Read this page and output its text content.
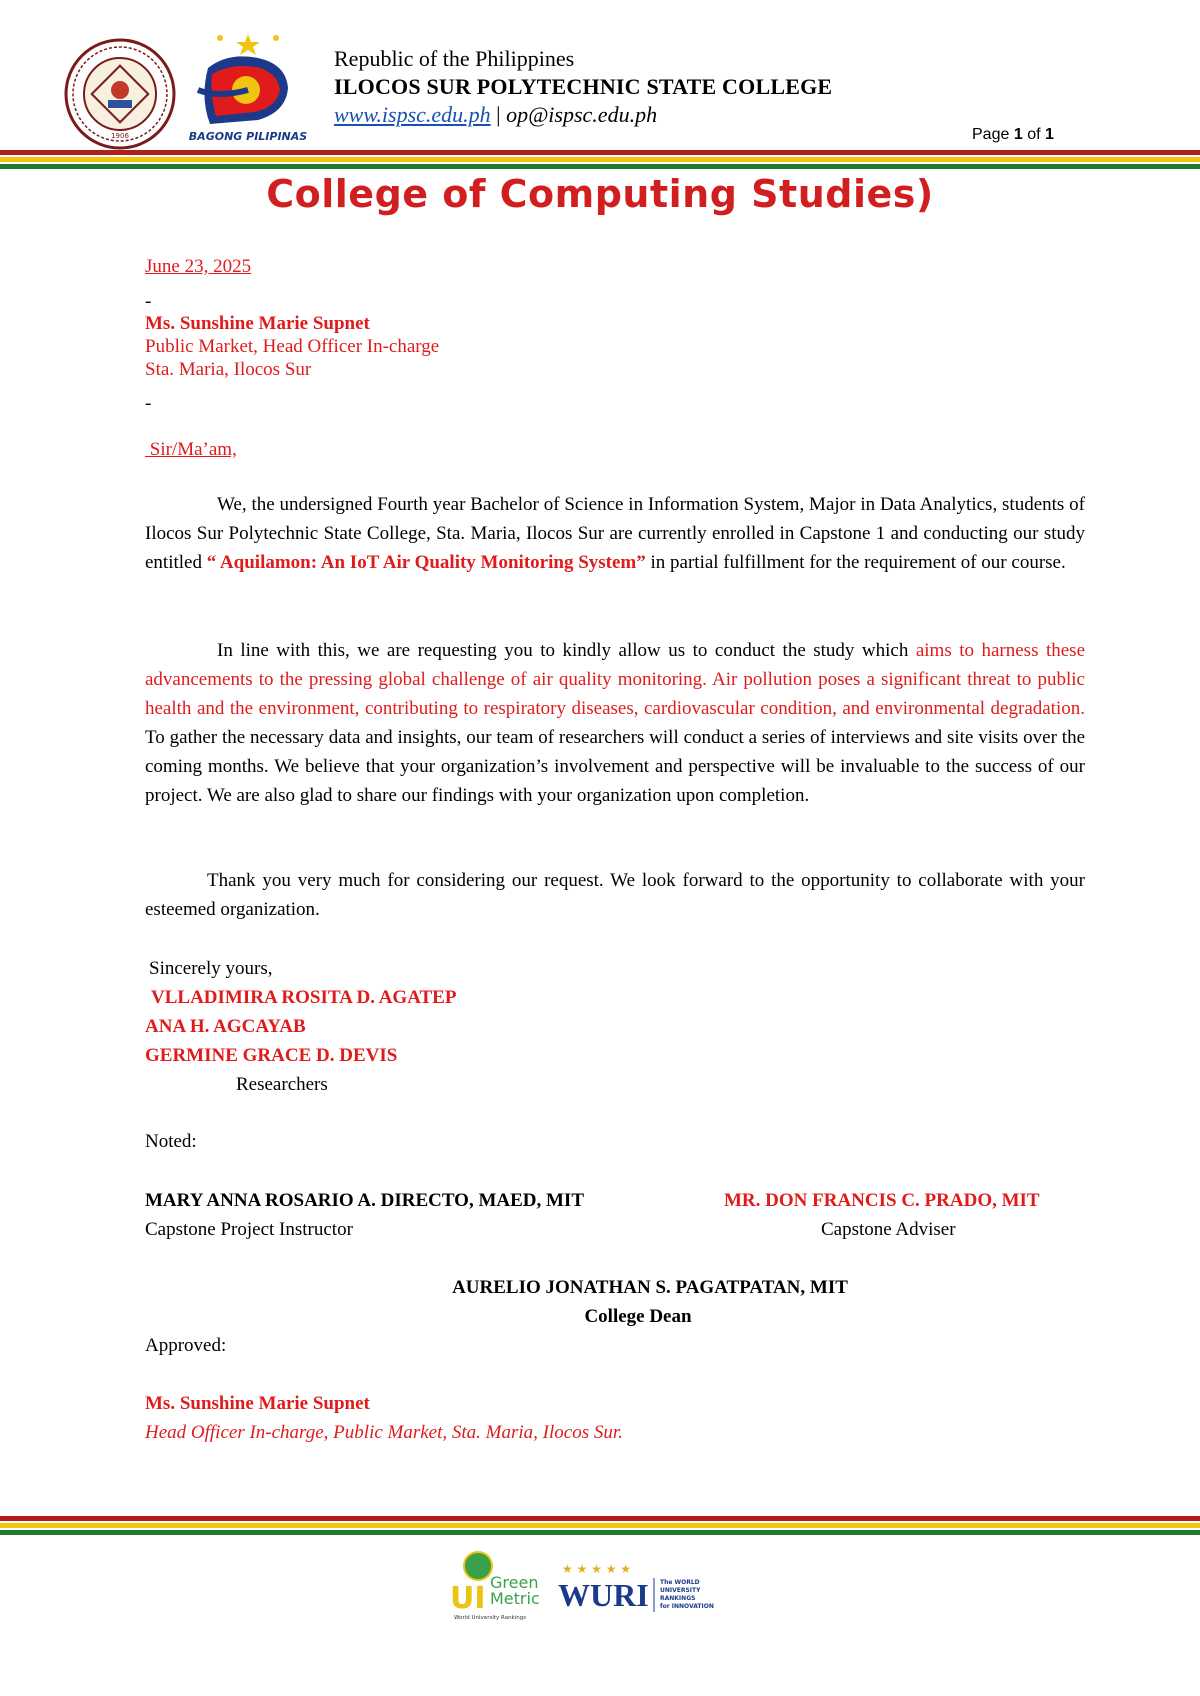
1906	BAGONG PILIPINAS
Republic of the Philippines
ILOCOS SUR POLYTECHNIC STATE COLLEGE
www.ispsc.edu.ph | op@ispsc.edu.ph
Page 1 of 1
College of Computing Studies)
June 23, 2025
-
Ms. Sunshine Marie Supnet
Public Market, Head Officer In-charge
Sta. Maria, Ilocos Sur
-
Sir/Ma’am,
We, the undersigned Fourth year Bachelor of Science in Information System, Major in Data Analytics, students of Ilocos Sur Polytechnic State College, Sta. Maria, Ilocos Sur are currently enrolled in Capstone 1 and conducting our study entitled “ Aquilamon: An IoT Air Quality Monitoring System” in partial fulfillment for the requirement of our course.
In line with this, we are requesting you to kindly allow us to conduct the study which aims to harness these advancements to the pressing global challenge of air quality monitoring. Air pollution poses a significant threat to public health and the environment, contributing to respiratory diseases, cardiovascular condition, and environmental degradation. To gather the necessary data and insights, our team of researchers will conduct a series of interviews and site visits over the coming months. We believe that your organization’s involvement and perspective will be invaluable to the success of our project. We are also glad to share our findings with your organization upon completion.
Thank you very much for considering our request. We look forward to the opportunity to collaborate with your esteemed organization.
Sincerely yours,
VLLADIMIRA ROSITA D. AGATEP
ANA H. AGCAYAB
GERMINE GRACE D. DEVIS
Researchers
Noted:
MARY ANNA ROSARIO A. DIRECTO, MAED, MIT
Capstone Project Instructor
MR. DON FRANCIS C. PRADO, MIT
Capstone Adviser
AURELIO JONATHAN S. PAGATPATAN, MIT
College Dean
Approved:
Ms. Sunshine Marie Supnet
Head Officer In-charge, Public Market, Sta. Maria, Ilocos Sur.
UI Green
Metric
World University Rankings
★ ★ ★ ★ ★
WURI The WORLD
UNIVERSITY
RANKINGS
for INNOVATION
